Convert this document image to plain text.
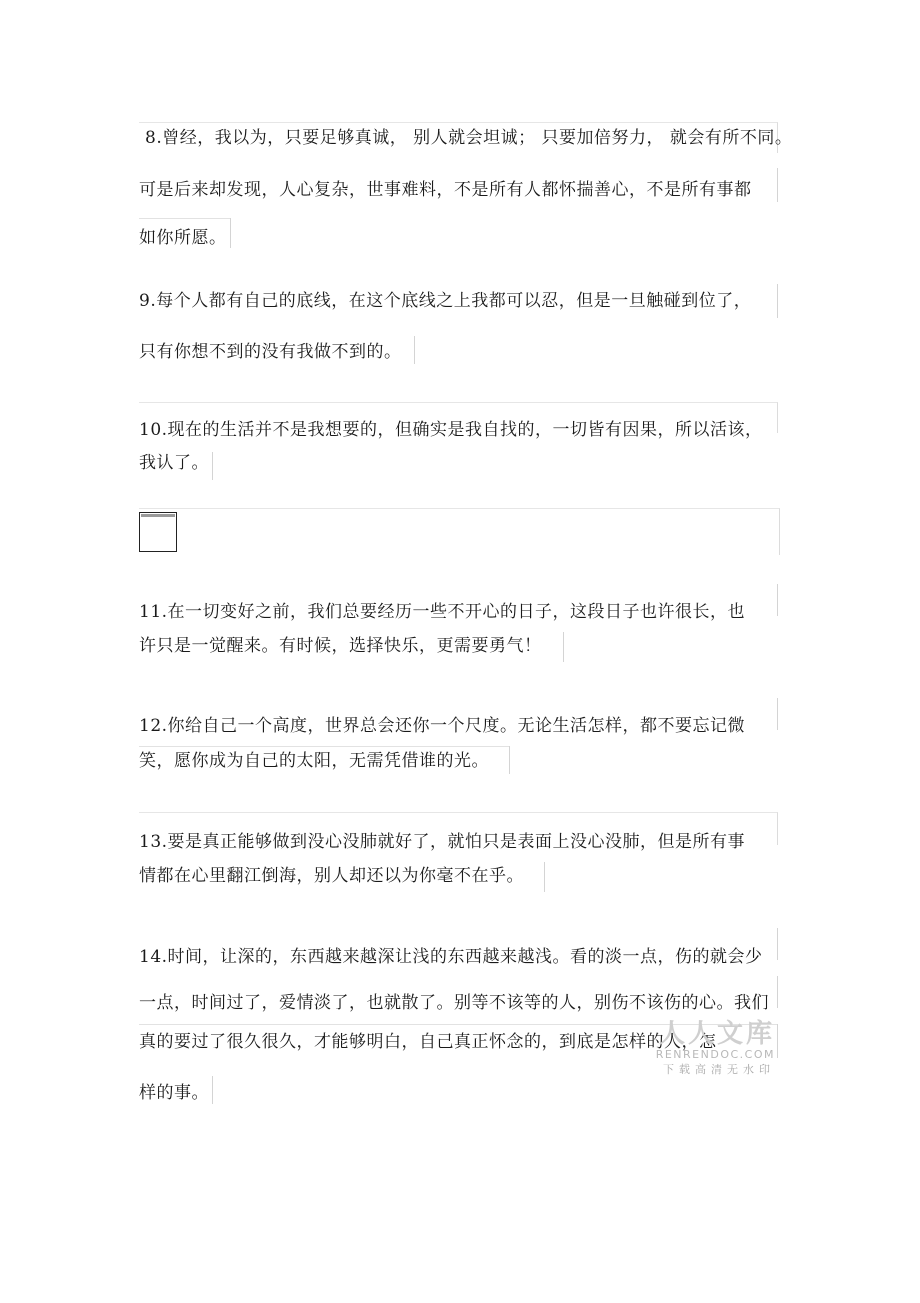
8.曾经，我以为，只要足够真诚， 别人就会坦诚； 只要加倍努力， 就会有所不同。
可是后来却发现，人心复杂，世事难料，不是所有人都怀揣善心，不是所有事都
如你所愿。
9.每个人都有自己的底线，在这个底线之上我都可以忍，但是一旦触碰到位了，
只有你想不到的没有我做不到的。
10.现在的生活并不是我想要的，但确实是我自找的，一切皆有因果，所以活该，
我认了。
11.在一切变好之前，我们总要经历一些不开心的日子，这段日子也许很长，也
许只是一觉醒来。有时候，选择快乐，更需要勇气！
12.你给自己一个高度，世界总会还你一个尺度。无论生活怎样，都不要忘记微
笑，愿你成为自己的太阳，无需凭借谁的光。
13.要是真正能够做到没心没肺就好了，就怕只是表面上没心没肺，但是所有事
情都在心里翻江倒海，别人却还以为你毫不在乎。
14.时间，让深的，东西越来越深让浅的东西越来越浅。看的淡一点，伤的就会少
一点，时间过了，爱情淡了，也就散了。别等不该等的人，别伤不该伤的心。我们
真的要过了很久很久，才能够明白，自己真正怀念的，到底是怎样的人，怎
样的事。
人人文库
RENRENDOC.COM
下载高清无水印
